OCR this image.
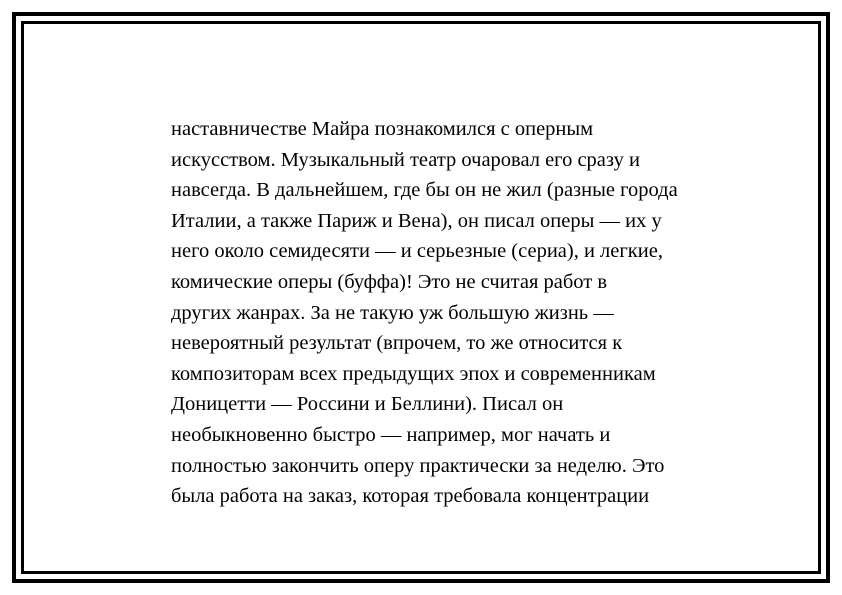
наставничестве Майра познакомился с оперным
искусством. Музыкальный театр очаровал его сразу и
навсегда. В дальнейшем, где бы он не жил (разные города
Италии, а также Париж и Вена), он писал оперы — их у
него около семидесяти — и серьезные (сериа), и легкие,
комические оперы (буффа)! Это не считая работ в
других жанрах. За не такую уж большую жизнь —
невероятный результат (впрочем, то же относится к
композиторам всех предыдущих эпох и современникам
Доницетти — Россини и Беллини). Писал он
необыкновенно быстро — например, мог начать и
полностью закончить оперу практически за неделю. Это
была работа на заказ, которая требовала концентрации
